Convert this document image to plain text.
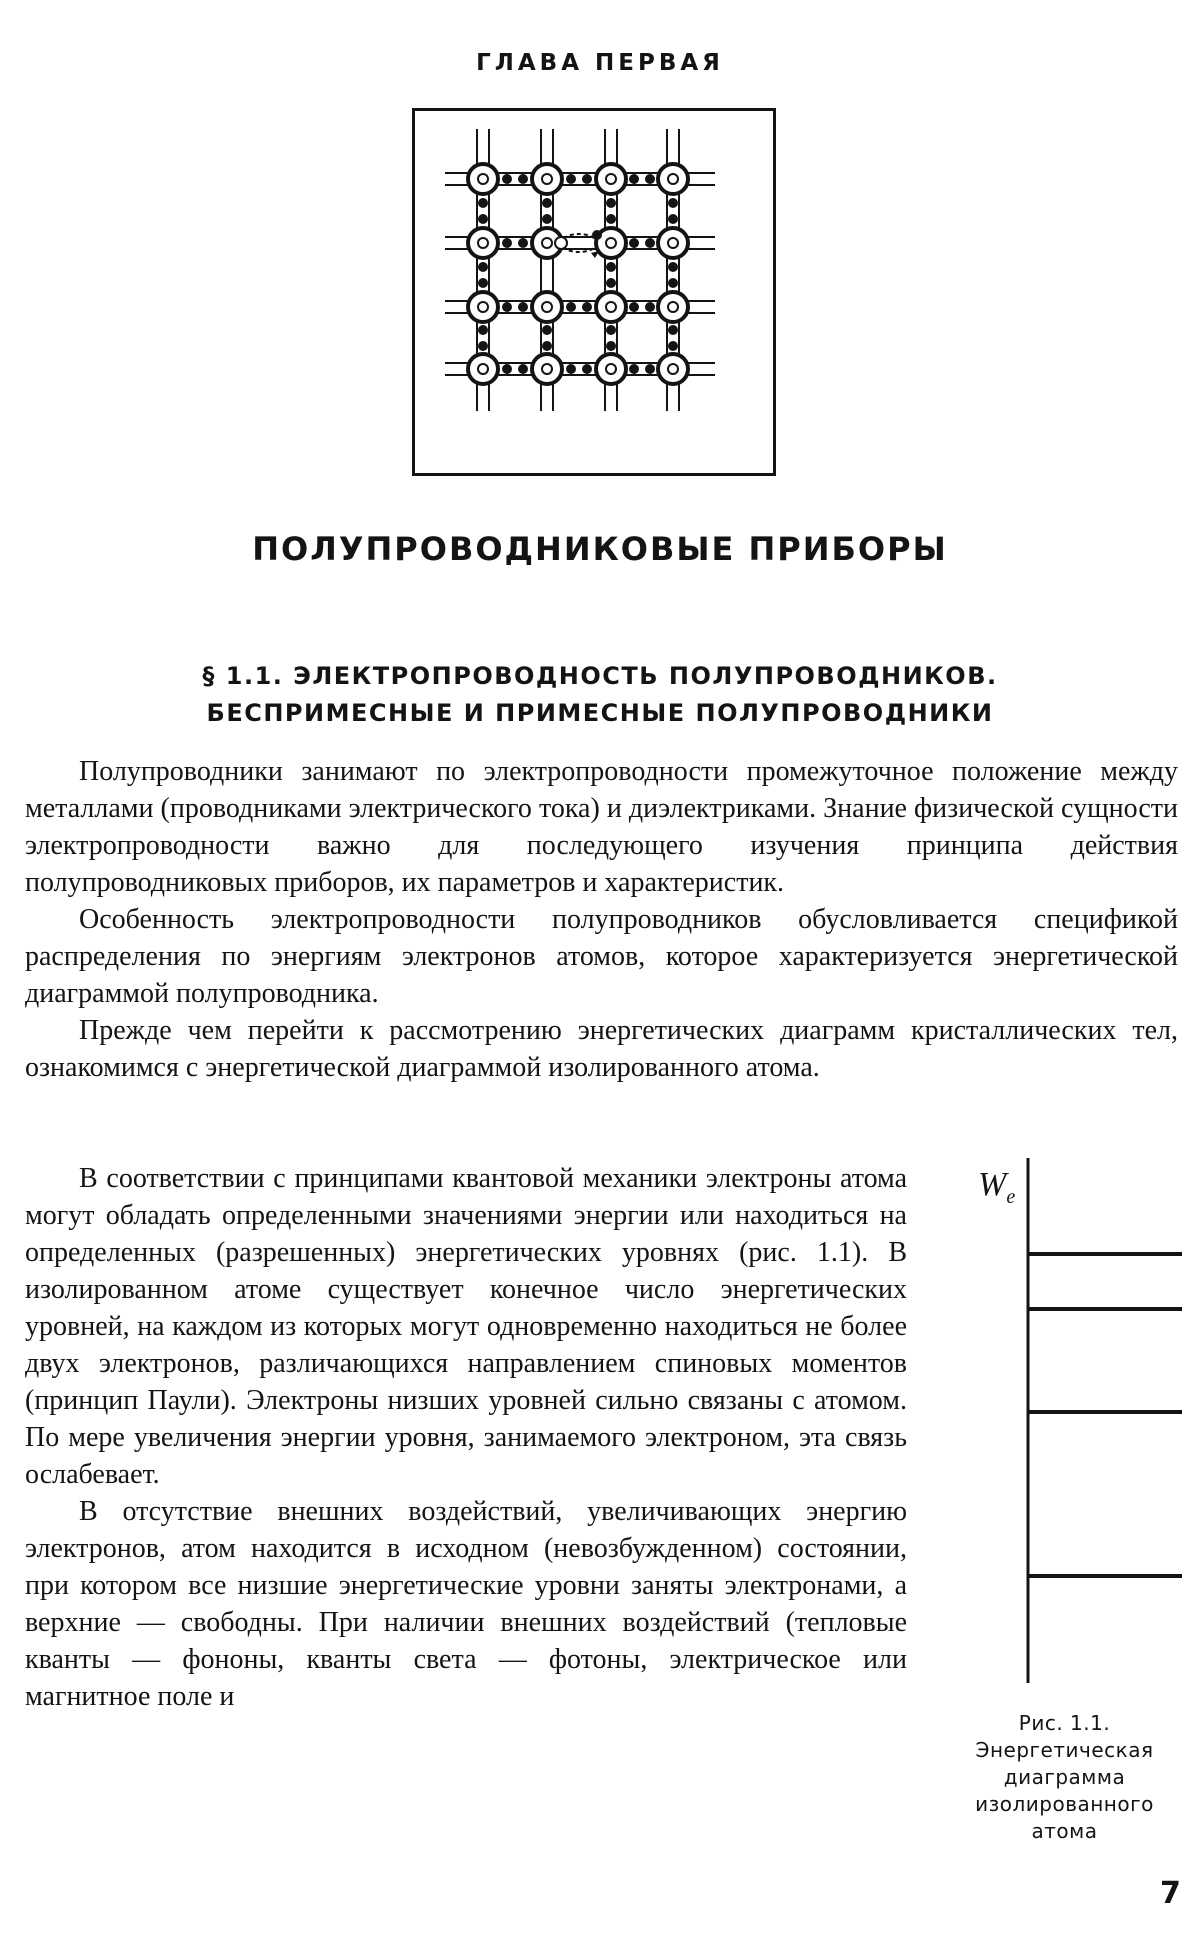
ГЛАВА ПЕРВАЯ
ПОЛУПРОВОДНИКОВЫЕ ПРИБОРЫ
§ 1.1. ЭЛЕКТРОПРОВОДНОСТЬ ПОЛУПРОВОДНИКОВ.
БЕСПРИМЕСНЫЕ И ПРИМЕСНЫЕ ПОЛУПРОВОДНИКИ

Полупроводники занимают по электропроводности промежуточное положение между металлами (проводниками электрического тока) и диэлектриками. Знание физической сущности электропроводности важно для последующего изучения принципа действия полупроводниковых приборов, их параметров и характеристик.

Особенность электропроводности полупроводников обусловливается спецификой распределения по энергиям электронов атомов, которое характеризуется энергетической диаграммой полупроводника.

Прежде чем перейти к рассмотрению энергетических диаграмм кристаллических тел, ознакомимся с энергетической диаграммой изолированного атома.

В соответствии с принципами квантовой механики электроны атома могут обладать определенными значениями энергии или находиться на определенных (разрешенных) энергетических уровнях (рис. 1.1). В изолированном атоме существует конечное число энергетических уровней, на каждом из которых могут одновременно находиться не более двух электронов, различающихся направлением спиновых моментов (принцип Паули). Электроны низших уровней сильно связаны с атомом. По мере увеличения энергии уровня, занимаемого электроном, эта связь ослабевает.

В отсутствие внешних воздействий, увеличивающих энергию электронов, атом находится в исходном (невозбужденном) состоянии, при котором все низшие энергетические уровни заняты электронами, а верхние — свободны. При наличии внешних воздействий (тепловые кванты — фононы, кванты света — фотоны, электрическое или магнитное поле и

$W_e$
Рис. 1.1. Энергетическая диаграмма изолированного атома
7
